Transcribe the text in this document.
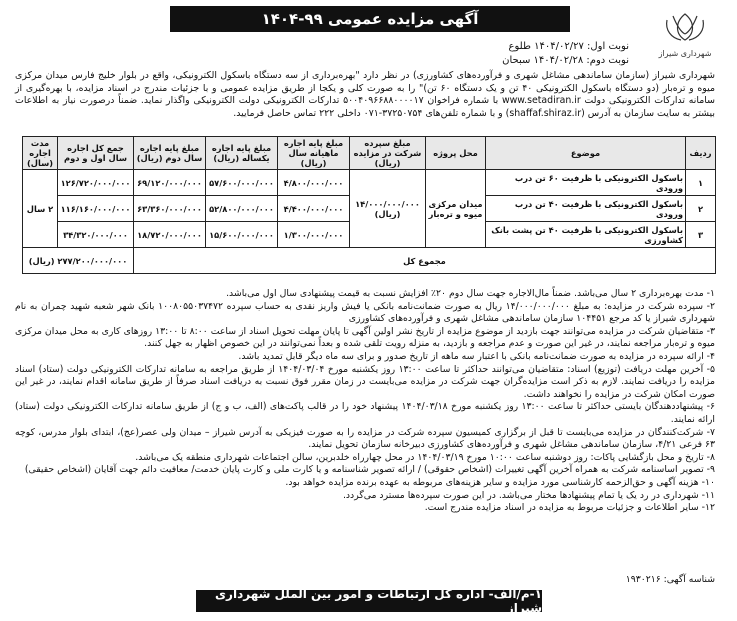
آگهی مزایده عمومی ۹۹-۱۴۰۴
شهرداری شیراز
نوبت اول: ۱۴۰۴/۰۲/۲۷ طلوع
نوبت دوم: ۱۴۰۴/۰۲/۲۸ سبحان
شهرداری شیراز (سازمان ساماندهی مشاغل شهری و فرآورده‌های کشاورزی) در نظر دارد "بهره‌برداری از سه دستگاه باسکول الکترونیکی، واقع در بلوار خلیج فارس میدان مرکزی میوه و تره‌بار (دو دستگاه باسکول الکترونیکی ۴۰ تن و یک دستگاه ۶۰ تن)" را به صورت کلی و یکجا از طریق مزایده عمومی و با جزئیات مندرج در اسناد مزایده، با بهره‌گیری از سامانه تدارکات الکترونیکی دولت www.setadiran.ir با شماره فراخوان ۵۰۰۴۰۹۶۶۸۸۰۰۰۰۱۷ تدارکات الکترونیکی دولت الکترونیکی واگذار نماید. ضمناً درصورت نیاز به اطلاعات بیشتر به سایت سازمان به آدرس (shaffaf.shiraz.ir) و با شماره تلفن‌های ۳۷۲۵۰۷۵۴-۰۷۱ داخلی ۲۲۲ تماس حاصل فرمایید.
ردیف	موضوع	محل پروژه	مبلغ سپرده شرکت در مزایده (ریال)	مبلغ پایه اجاره ماهیانه سال (ریال)	مبلغ پایه اجاره یکساله (ریال)	مبلغ پایه اجاره سال دوم (ریال)	جمع کل اجاره سال اول و دوم	مدت اجاره (سال)
۱	باسکول الکترونیکی با ظرفیت ۶۰ تن درب ورودی	میدان مرکزی میوه و تره‌بار	۱۴/۰۰۰/۰۰۰/۰۰۰ (ریال)	۴/۸۰۰/۰۰۰/۰۰۰	۵۷/۶۰۰/۰۰۰/۰۰۰	۶۹/۱۲۰/۰۰۰/۰۰۰	۱۲۶/۷۲۰/۰۰۰/۰۰۰	۲ سال
۲	باسکول الکترونیکی با ظرفیت ۴۰ تن درب ورودی			۴/۴۰۰/۰۰۰/۰۰۰	۵۲/۸۰۰/۰۰۰/۰۰۰	۶۳/۳۶۰/۰۰۰/۰۰۰	۱۱۶/۱۶۰/۰۰۰/۰۰۰	
۳	باسکول الکترونیکی با ظرفیت ۴۰ تن پشت بانک کشاورزی			۱/۳۰۰/۰۰۰/۰۰۰	۱۵/۶۰۰/۰۰۰/۰۰۰	۱۸/۷۲۰/۰۰۰/۰۰۰	۳۴/۳۲۰/۰۰۰/۰۰۰	
مجموع کل							۲۷۷/۲۰۰/۰۰۰/۰۰۰ (ریال)	

۱- مدت بهره‌برداری ۲ سال می‌باشد. ضمناً مال‌الاجاره جهت سال دوم ۲۰٪ افزایش نسبت به قیمت پیشنهادی سال اول می‌باشد.

۲- سپرده شرکت در مزایده: به مبلغ ۱۴/۰۰۰/۰۰۰/۰۰۰ ریال به صورت ضمانت‌نامه بانکی یا فیش واریز نقدی به حساب سپرده ۱۰۰۸۰۵۵۰۳۷۴۷۲ بانک شهر شعبه شهید چمران به نام شهرداری شیراز یا کد مرجع ۱۰۴۴۵۱ سازمان ساماندهی مشاغل شهری و فرآورده‌های کشاورزی

۳- متقاضیان شرکت در مزایده می‌توانند جهت بازدید از موضوع مزایده از تاریخ نشر اولین آگهی تا پایان مهلت تحویل اسناد از ساعت ۸:۰۰ تا ۱۳:۰۰ روزهای کاری به محل میدان مرکزی میوه و تره‌بار مراجعه نمایند، در غیر این صورت و عدم مراجعه و بازدید، به منزله رویت تلقی شده و بعداً نمی‌توانند در این خصوص اظهار به جهل کنند.

۴- ارائه سپرده در مزایده به صورت ضمانت‌نامه بانکی با اعتبار سه ماهه از تاریخ صدور و برای سه ماه دیگر قابل تمدید باشد.

۵- آخرین مهلت دریافت (توزیع) اسناد: متقاضیان می‌توانند حداکثر تا ساعت ۱۳:۰۰ روز یکشنبه مورخ ۱۴۰۴/۰۳/۰۴ از طریق مراجعه به سامانه تدارکات الکترونیکی دولت (ستاد) اسناد مزایده را دریافت نمایند. لازم به ذکر است مزایده‌گران جهت شرکت در مزایده می‌بایست در زمان مقرر فوق نسبت به دریافت اسناد صرفاً از طریق سامانه اقدام نمایند، در غیر این صورت امکان شرکت در مزایده را نخواهند داشت.

۶- پیشنهاددهندگان بایستی حداکثر تا ساعت ۱۳:۰۰ روز یکشنبه مورخ ۱۴۰۴/۰۳/۱۸ پیشنهاد خود را در قالب پاکت‌های (الف، ب و ج) از طریق سامانه تدارکات الکترونیکی دولت (ستاد) ارائه نمایند.

۷- شرکت‌کنندگان در مزایده می‌بایست تا قبل از برگزاری کمیسیون سپرده شرکت در مزایده را به صورت فیزیکی به آدرس شیراز – میدان ولی عصر(عج)، ابتدای بلوار مدرس، کوچه ۶۳ فرعی ۴/۲۱، سازمان ساماندهی مشاغل شهری و فرآورده‌های کشاورزی دبیرخانه سازمان تحویل نمایند.

۸- تاریخ و محل بازگشایی پاکات: روز دوشنبه ساعت ۱۰:۰۰ مورخ ۱۴۰۴/۰۳/۱۹ در محل چهارراه خلدبرین، سالن اجتماعات شهرداری منطقه یک می‌باشد.

۹- تصویر اساسنامه شرکت به همراه آخرین آگهی تغییرات (اشخاص حقوقی) / ارائه تصویر شناسنامه و یا کارت ملی و کارت پایان خدمت/ معافیت دائم جهت آقایان (اشخاص حقیقی)

۱۰- هزینه آگهی و حق‌الزحمه کارشناسی مورد مزایده و سایر هزینه‌های مربوطه به عهده برنده مزایده خواهد بود.

۱۱- شهرداری در رد یک یا تمام پیشنهادها مختار می‌باشد. در این صورت سپرده‌ها مسترد می‌گردد.

۱۲- سایر اطلاعات و جزئیات مربوط به مزایده در اسناد مزایده مندرج است.

شناسه آگهی: ۱۹۳۰۲۱۶
۱-م/الف- اداره کل ارتباطات و امور بین الملل شهرداری شیراز
